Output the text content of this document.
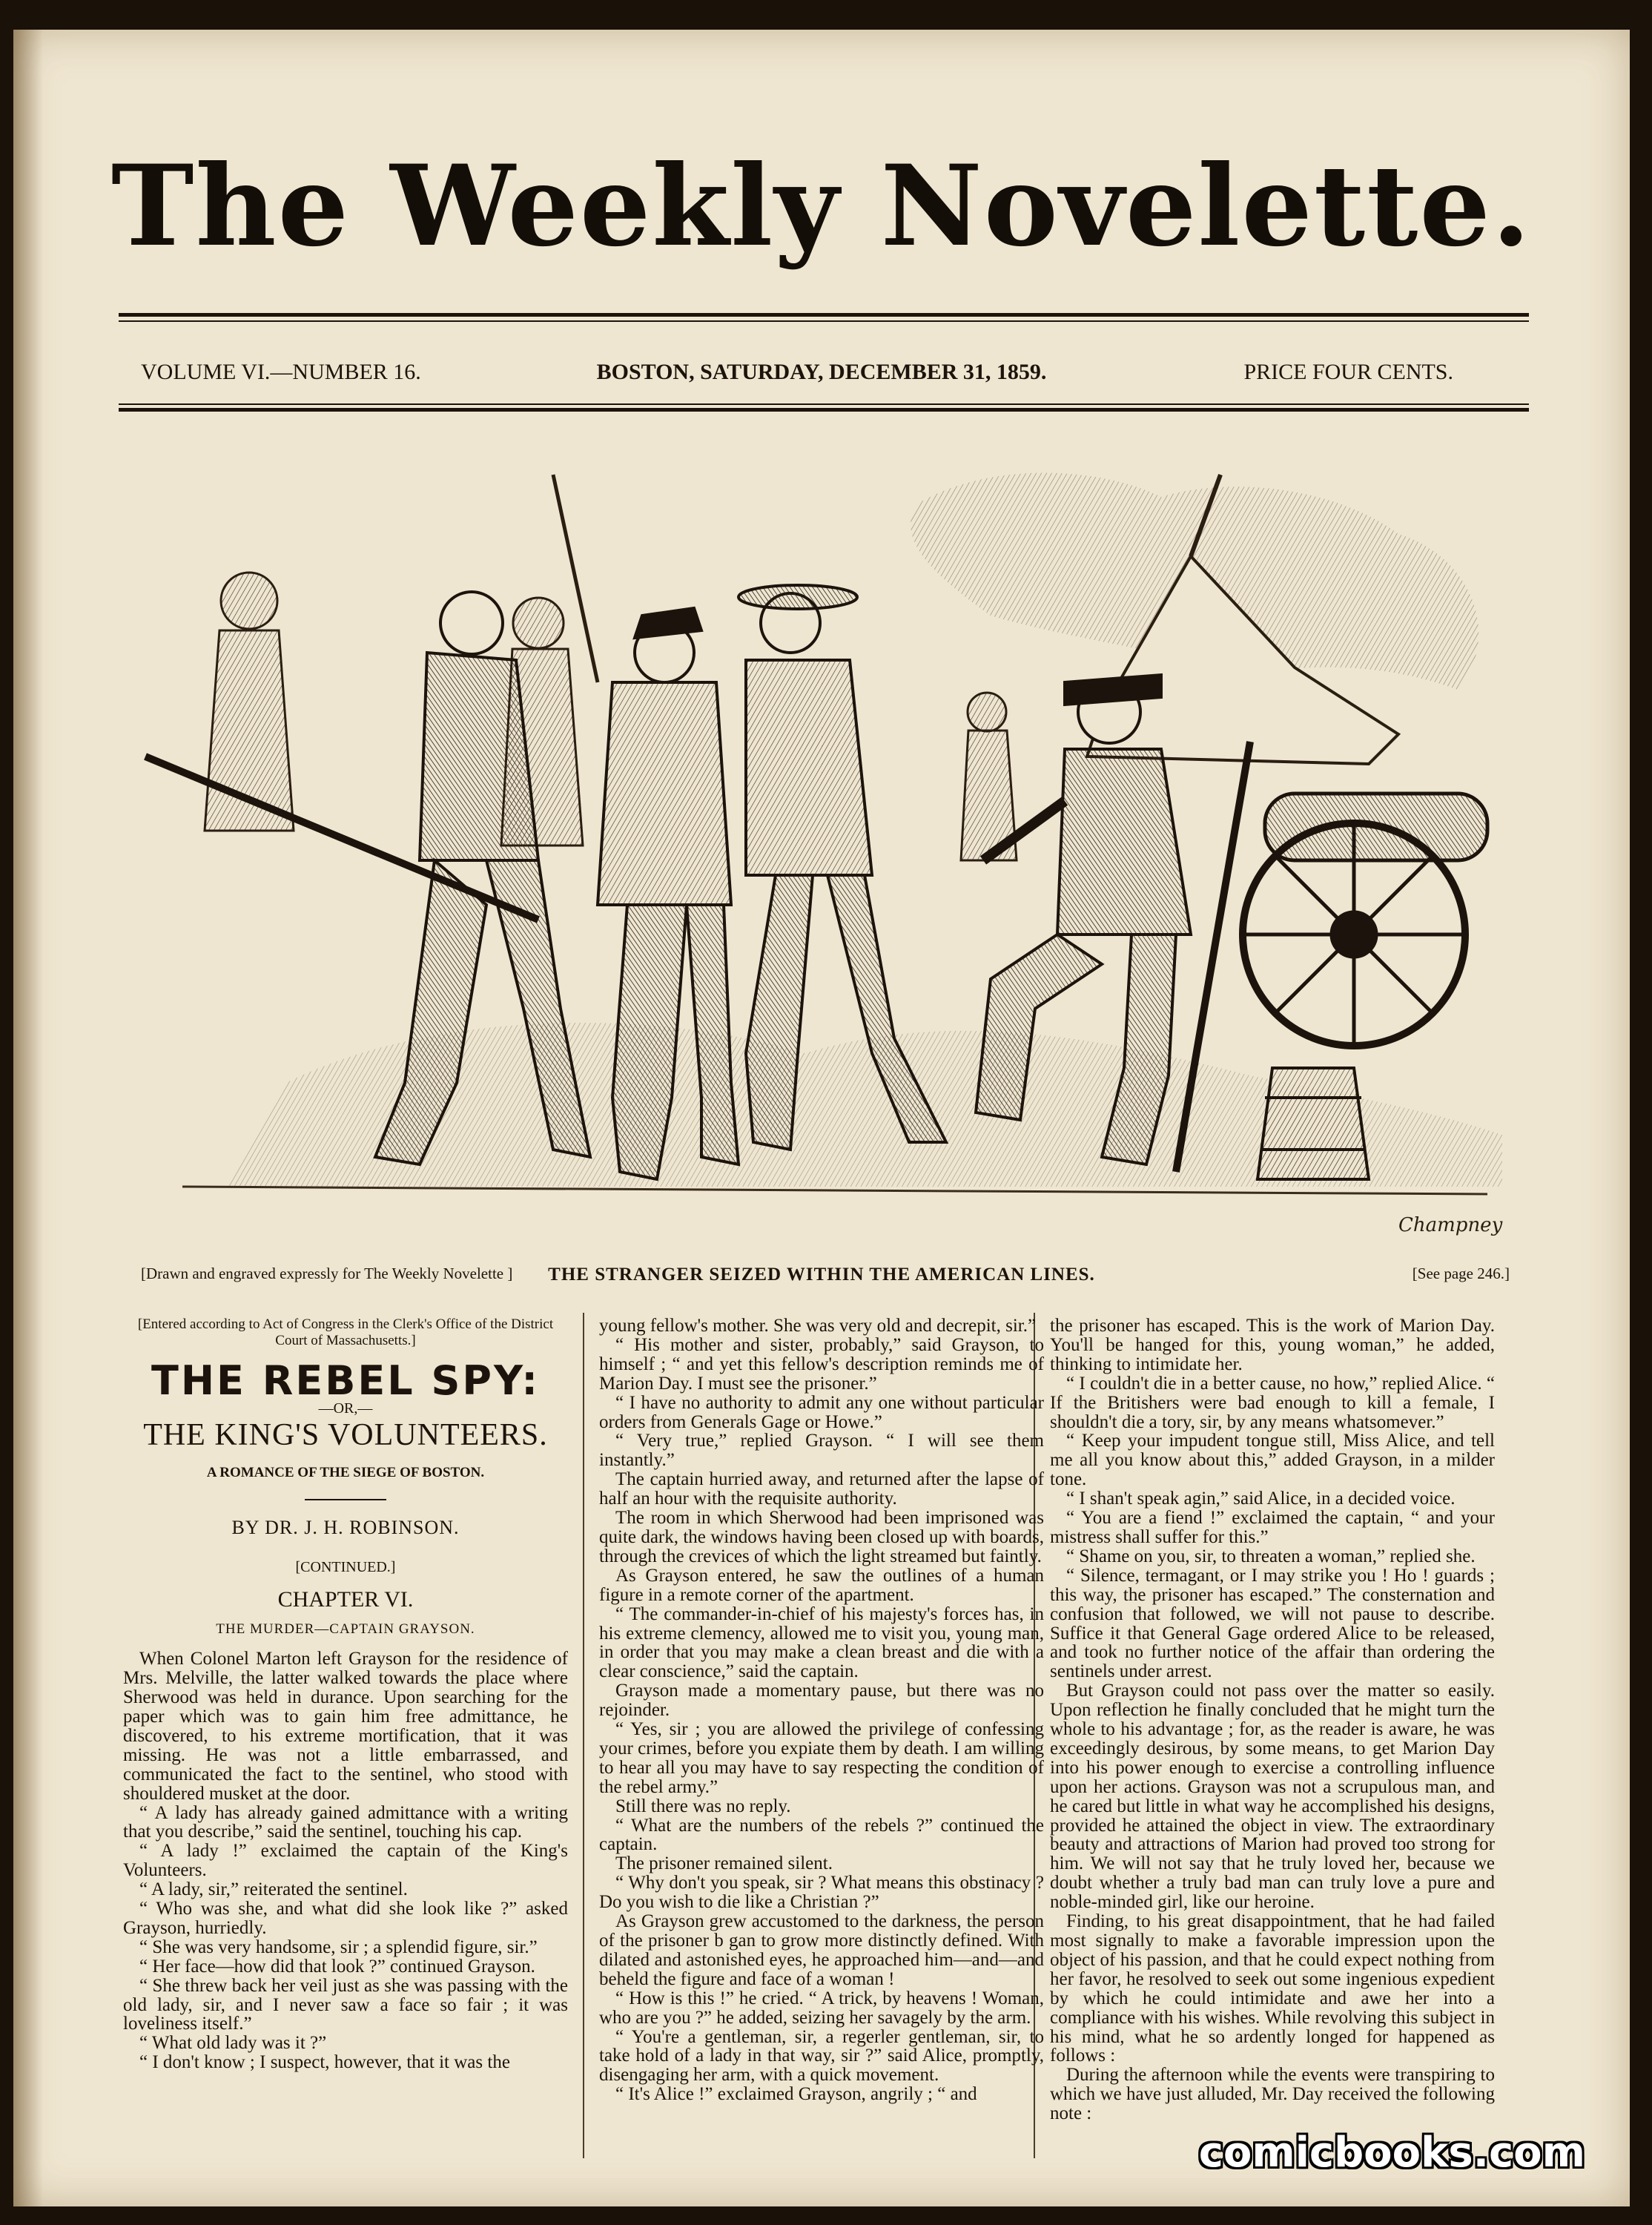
The Weekly Novelette.
VOLUME VI.—NUMBER 16.	BOSTON, SATURDAY, DECEMBER 31, 1859.	PRICE FOUR CENTS.
Champney
[Drawn and engraved expressly for The Weekly Novelette ]	THE STRANGER SEIZED WITHIN THE AMERICAN LINES.	[See page 246.]
[Entered according to Act of Congress in the Clerk's Office of the District Court of Massachusetts.]
THE REBEL SPY:
—OR,—
THE KING'S VOLUNTEERS.
A ROMANCE OF THE SIEGE OF BOSTON.
BY DR. J. H. ROBINSON.
[CONTINUED.]
CHAPTER VI.
THE MURDER—CAPTAIN GRAYSON.

When Colonel Marton left Grayson for the residence of Mrs. Melville, the latter walked towards the place where Sherwood was held in durance. Upon searching for the paper which was to gain him free admittance, he discovered, to his extreme mortification, that it was missing. He was not a little embarrassed, and communicated the fact to the sentinel, who stood with shouldered musket at the door.

“ A lady has already gained admittance with a writing that you describe,” said the sentinel, touching his cap.

“ A lady !” exclaimed the captain of the King's Volunteers.

“ A lady, sir,” reiterated the sentinel.

“ Who was she, and what did she look like ?” asked Grayson, hurriedly.

“ She was very handsome, sir ; a splendid figure, sir.”

“ Her face—how did that look ?” continued Grayson.

“ She threw back her veil just as she was passing with the old lady, sir, and I never saw a face so fair ; it was loveliness itself.”

“ What old lady was it ?”

“ I don't know ; I suspect, however, that it was the

young fellow's mother. She was very old and decrepit, sir.”

“ His mother and sister, probably,” said Grayson, to himself ; “ and yet this fellow's description reminds me of Marion Day. I must see the prisoner.”

“ I have no authority to admit any one without particular orders from Generals Gage or Howe.”

“ Very true,” replied Grayson. “ I will see them instantly.”

The captain hurried away, and returned after the lapse of half an hour with the requisite authority.

The room in which Sherwood had been imprisoned was quite dark, the windows having been closed up with boards, through the crevices of which the light streamed but faintly.

As Grayson entered, he saw the outlines of a human figure in a remote corner of the apartment.

“ The commander-in-chief of his majesty's forces has, in his extreme clemency, allowed me to visit you, young man, in order that you may make a clean breast and die with a clear conscience,” said the captain.

Grayson made a momentary pause, but there was no rejoinder.

“ Yes, sir ; you are allowed the privilege of confessing your crimes, before you expiate them by death. I am willing to hear all you may have to say respecting the condition of the rebel army.”

Still there was no reply.

“ What are the numbers of the rebels ?” continued the captain.

The prisoner remained silent.

“ Why don't you speak, sir ? What means this obstinacy ? Do you wish to die like a Christian ?”

As Grayson grew accustomed to the darkness, the person of the prisoner b gan to grow more distinctly defined. With dilated and astonished eyes, he approached him—and—and beheld the figure and face of a woman !

“ How is this !” he cried. “ A trick, by heavens ! Woman, who are you ?” he added, seizing her savagely by the arm.

“ You're a gentleman, sir, a regerler gentleman, sir, to take hold of a lady in that way, sir ?” said Alice, promptly, disengaging her arm, with a quick movement.

“ It's Alice !” exclaimed Grayson, angrily ; “ and

the prisoner has escaped. This is the work of Marion Day. You'll be hanged for this, young woman,” he added, thinking to intimidate her.

“ I couldn't die in a better cause, no how,” replied Alice. “ If the Britishers were bad enough to kill a female, I shouldn't die a tory, sir, by any means whatsomever.”

“ Keep your impudent tongue still, Miss Alice, and tell me all you know about this,” added Grayson, in a milder tone.

“ I shan't speak agin,” said Alice, in a decided voice.

“ You are a fiend !” exclaimed the captain, “ and your mistress shall suffer for this.”

“ Shame on you, sir, to threaten a woman,” replied she.

“ Silence, termagant, or I may strike you ! Ho ! guards ; this way, the prisoner has escaped.” The consternation and confusion that followed, we will not pause to describe. Suffice it that General Gage ordered Alice to be released, and took no further notice of the affair than ordering the sentinels under arrest.

But Grayson could not pass over the matter so easily. Upon reflection he finally concluded that he might turn the whole to his advantage ; for, as the reader is aware, he was exceedingly desirous, by some means, to get Marion Day into his power enough to exercise a controlling influence upon her actions. Grayson was not a scrupulous man, and he cared but little in what way he accomplished his designs, provided he attained the object in view. The extraordinary beauty and attractions of Marion had proved too strong for him. We will not say that he truly loved her, because we doubt whether a truly bad man can truly love a pure and noble-minded girl, like our heroine.

Finding, to his great disappointment, that he had failed most signally to make a favorable impression upon the object of his passion, and that he could expect nothing from her favor, he resolved to seek out some ingenious expedient by which he could intimidate and awe her into a compliance with his wishes. While revolving this subject in his mind, what he so ardently longed for happened as follows :

During the afternoon while the events were transpiring to which we have just alluded, Mr. Day received the following note :

comicbooks.com
